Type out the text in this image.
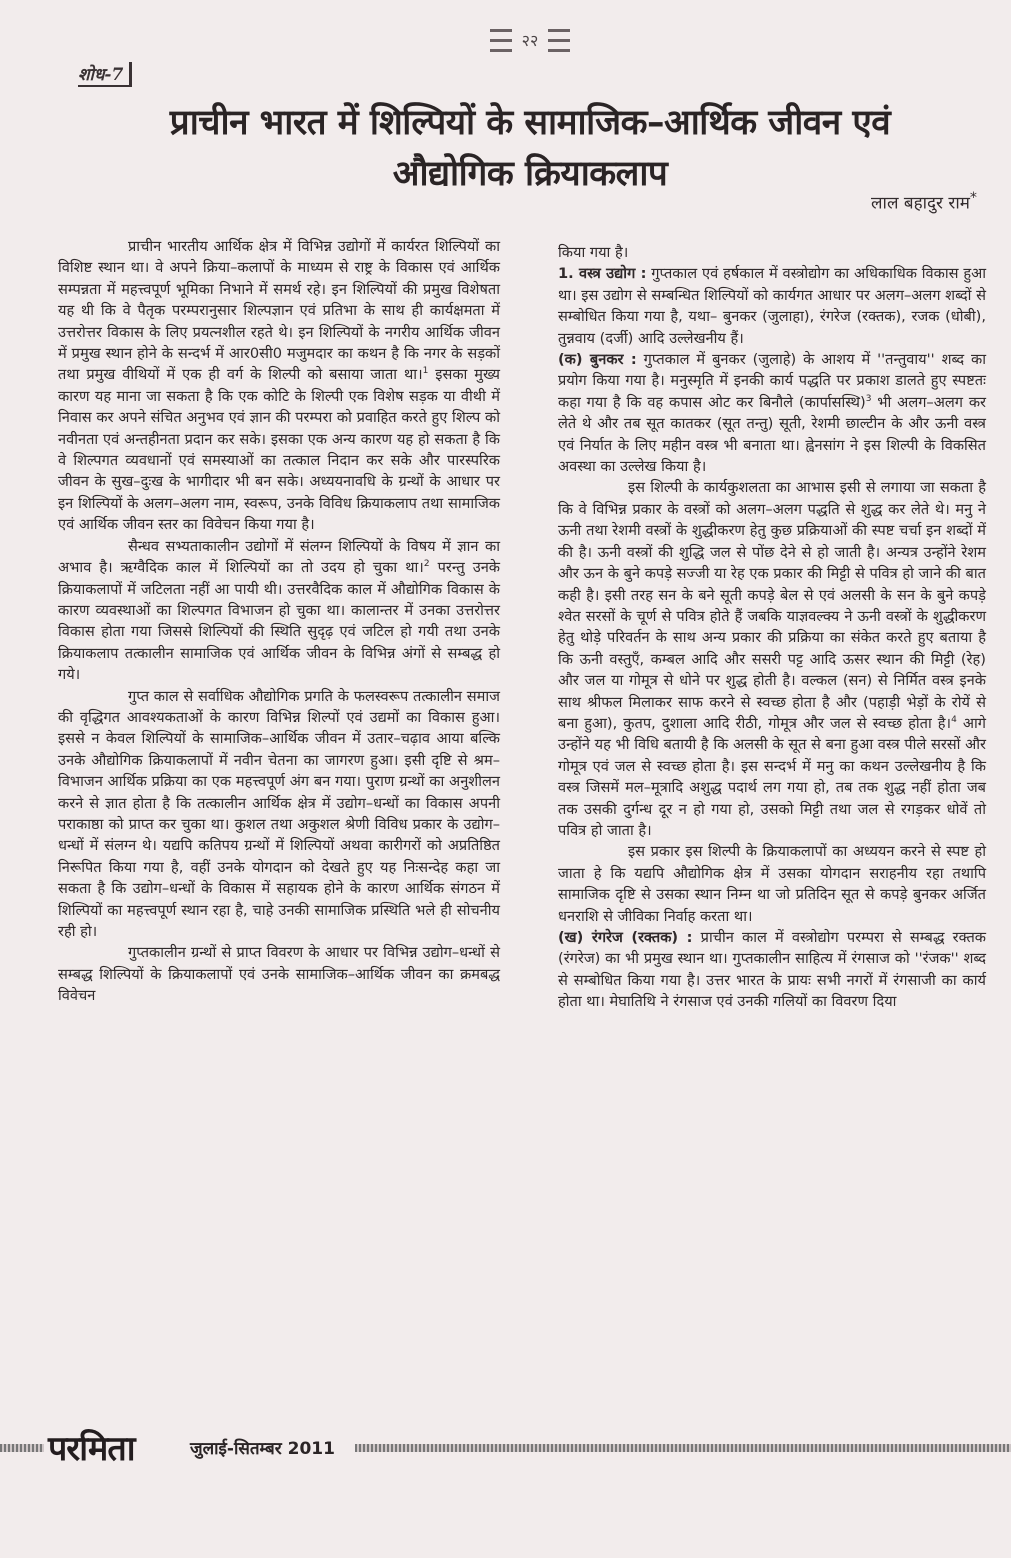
२२
शोध-7
प्राचीन भारत में शिल्पियों के सामाजिक–आर्थिक जीवन एवं
औद्योगिक क्रियाकलाप
लाल बहादुर राम*

प्राचीन भारतीय आर्थिक क्षेत्र में विभिन्न उद्योगों में कार्यरत शिल्पियों का विशिष्ट स्थान था। वे अपने क्रिया–कलापों के माध्यम से राष्ट्र के विकास एवं आर्थिक सम्पन्नता में महत्त्वपूर्ण भूमिका निभाने में समर्थ रहे। इन शिल्पियों की प्रमुख विशेषता यह थी कि वे पैतृक परम्परानुसार शिल्पज्ञान एवं प्रतिभा के साथ ही कार्यक्षमता में उत्तरोत्तर विकास के लिए प्रयत्नशील रहते थे। इन शिल्पियों के नगरीय आर्थिक जीवन में प्रमुख स्थान होने के सन्दर्भ में आर0सी0 मजुमदार का कथन है कि नगर के सड़कों तथा प्रमुख वीथियों में एक ही वर्ग के शिल्पी को बसाया जाता था।$^1$ इसका मुख्य कारण यह माना जा सकता है कि एक कोटि के शिल्पी एक विशेष सड़क या वीथी में निवास कर अपने संचित अनुभव एवं ज्ञान की परम्परा को प्रवाहित करते हुए शिल्प को नवीनता एवं अन्तहीनता प्रदान कर सके। इसका एक अन्य कारण यह हो सकता है कि वे शिल्पगत व्यवधानों एवं समस्याओं का तत्काल निदान कर सके और पारस्परिक जीवन के सुख–दुःख के भागीदार भी बन सके। अध्ययनावधि के ग्रन्थों के आधार पर इन शिल्पियों के अलग–अलग नाम, स्वरूप, उनके विविध क्रियाकलाप तथा सामाजिक एवं आर्थिक जीवन स्तर का विवेचन किया गया है।

सैन्धव सभ्यताकालीन उद्योगों में संलग्न शिल्पियों के विषय में ज्ञान का अभाव है। ऋग्वैदिक काल में शिल्पियों का तो उदय हो चुका था।$^2$ परन्तु उनके क्रियाकलापों में जटिलता नहीं आ पायी थी। उत्तरवैदिक काल में औद्योगिक विकास के कारण व्यवस्थाओं का शिल्पगत विभाजन हो चुका था। कालान्तर में उनका उत्तरोत्तर विकास होता गया जिससे शिल्पियों की स्थिति सुदृढ़ एवं जटिल हो गयी तथा उनके क्रियाकलाप तत्कालीन सामाजिक एवं आर्थिक जीवन के विभिन्न अंगों से सम्बद्ध हो गये।

गुप्त काल से सर्वाधिक औद्योगिक प्रगति के फलस्वरूप तत्कालीन समाज की वृद्धिगत आवश्यकताओं के कारण विभिन्न शिल्पों एवं उद्यमों का विकास हुआ। इससे न केवल शिल्पियों के सामाजिक–आर्थिक जीवन में उतार–चढ़ाव आया बल्कि उनके औद्योगिक क्रियाकलापों में नवीन चेतना का जागरण हुआ। इसी दृष्टि से श्रम–विभाजन आर्थिक प्रक्रिया का एक महत्त्वपूर्ण अंग बन गया। पुराण ग्रन्थों का अनुशीलन करने से ज्ञात होता है कि तत्कालीन आर्थिक क्षेत्र में उद्योग–धन्धों का विकास अपनी पराकाष्ठा को प्राप्त कर चुका था। कुशल तथा अकुशल श्रेणी विविध प्रकार के उद्योग–धन्धों में संलग्न थे। यद्यपि कतिपय ग्रन्थों में शिल्पियों अथवा कारीगरों को अप्रतिष्ठित निरूपित किया गया है, वहीं उनके योगदान को देखते हुए यह निःसन्देह कहा जा सकता है कि उद्योग–धन्धों के विकास में सहायक होने के कारण आर्थिक संगठन में शिल्पियों का महत्त्वपूर्ण स्थान रहा है, चाहे उनकी सामाजिक प्रस्थिति भले ही सोचनीय रही हो।

गुप्तकालीन ग्रन्थों से प्राप्त विवरण के आधार पर विभिन्न उद्योग–धन्धों से सम्बद्ध शिल्पियों के क्रियाकलापों एवं उनके सामाजिक–आर्थिक जीवन का क्रमबद्ध विवेचन

किया गया है।

1. वस्त्र उद्योग : गुप्तकाल एवं हर्षकाल में वस्त्रोद्योग का अधिकाधिक विकास हुआ था। इस उद्योग से सम्बन्धित शिल्पियों को कार्यगत आधार पर अलग–अलग शब्दों से सम्बोधित किया गया है, यथा– बुनकर (जुलाहा), रंगरेज (रक्तक), रजक (धोबी), तुन्नवाय (दर्जी) आदि उल्लेखनीय हैं।

(क) बुनकर : गुप्तकाल में बुनकर (जुलाहे) के आशय में ''तन्तुवाय'' शब्द का प्रयोग किया गया है। मनुस्मृति में इनकी कार्य पद्धति पर प्रकाश डालते हुए स्पष्टतः कहा गया है कि वह कपास ओट कर बिनौले (कार्पासस्थि)$^3$ भी अलग–अलग कर लेते थे और तब सूत कातकर (सूत तन्तु) सूती, रेशमी छाल्टीन के और ऊनी वस्त्र एवं निर्यात के लिए महीन वस्त्र भी बनाता था। ह्वेनसांग ने इस शिल्पी के विकसित अवस्था का उल्लेख किया है।

इस शिल्पी के कार्यकुशलता का आभास इसी से लगाया जा सकता है कि वे विभिन्न प्रकार के वस्त्रों को अलग–अलग पद्धति से शुद्ध कर लेते थे। मनु ने ऊनी तथा रेशमी वस्त्रों के शुद्धीकरण हेतु कुछ प्रक्रियाओं की स्पष्ट चर्चा इन शब्दों में की है। ऊनी वस्त्रों की शुद्धि जल से पोंछ देने से हो जाती है। अन्यत्र उन्होंने रेशम और ऊन के बुने कपड़े सज्जी या रेह एक प्रकार की मिट्टी से पवित्र हो जाने की बात कही है। इसी तरह सन के बने सूती कपड़े बेल से एवं अलसी के सन के बुने कपड़े श्वेत सरसों के चूर्ण से पवित्र होते हैं जबकि याज्ञवल्क्य ने ऊनी वस्त्रों के शुद्धीकरण हेतु थोड़े परिवर्तन के साथ अन्य प्रकार की प्रक्रिया का संकेत करते हुए बताया है कि ऊनी वस्तुएँ, कम्बल आदि और ससरी पट्ट आदि ऊसर स्थान की मिट्टी (रेह) और जल या गोमूत्र से धोने पर शुद्ध होती है। वल्कल (सन) से निर्मित वस्त्र इनके साथ श्रीफल मिलाकर साफ करने से स्वच्छ होता है और (पहाड़ी भेड़ों के रोयें से बना हुआ), कुतप, दुशाला आदि रीठी, गोमूत्र और जल से स्वच्छ होता है।$^4$ आगे उन्होंने यह भी विधि बतायी है कि अलसी के सूत से बना हुआ वस्त्र पीले सरसों और गोमूत्र एवं जल से स्वच्छ होता है। इस सन्दर्भ में मनु का कथन उल्लेखनीय है कि वस्त्र जिसमें मल–मूत्रादि अशुद्ध पदार्थ लग गया हो, तब तक शुद्ध नहीं होता जब तक उसकी दुर्गन्ध दूर न हो गया हो, उसको मिट्टी तथा जल से रगड़कर धोवें तो पवित्र हो जाता है।

इस प्रकार इस शिल्पी के क्रियाकलापों का अध्ययन करने से स्पष्ट हो जाता हे कि यद्यपि औद्योगिक क्षेत्र में उसका योगदान सराहनीय रहा तथापि सामाजिक दृष्टि से उसका स्थान निम्न था जो प्रतिदिन सूत से कपड़े बुनकर अर्जित धनराशि से जीविका निर्वाह करता था।

(ख) रंगरेज (रक्तक) : प्राचीन काल में वस्त्रोद्योग परम्परा से सम्बद्ध रक्तक (रंगरेज) का भी प्रमुख स्थान था। गुप्तकालीन साहित्य में रंगसाज को ''रंजक'' शब्द से सम्बोधित किया गया है। उत्तर भारत के प्रायः सभी नगरों में रंगसाजी का कार्य होता था। मेघातिथि ने रंगसाज एवं उनकी गलियों का विवरण दिया

परमिता	जुलाई-सितम्बर 2011
